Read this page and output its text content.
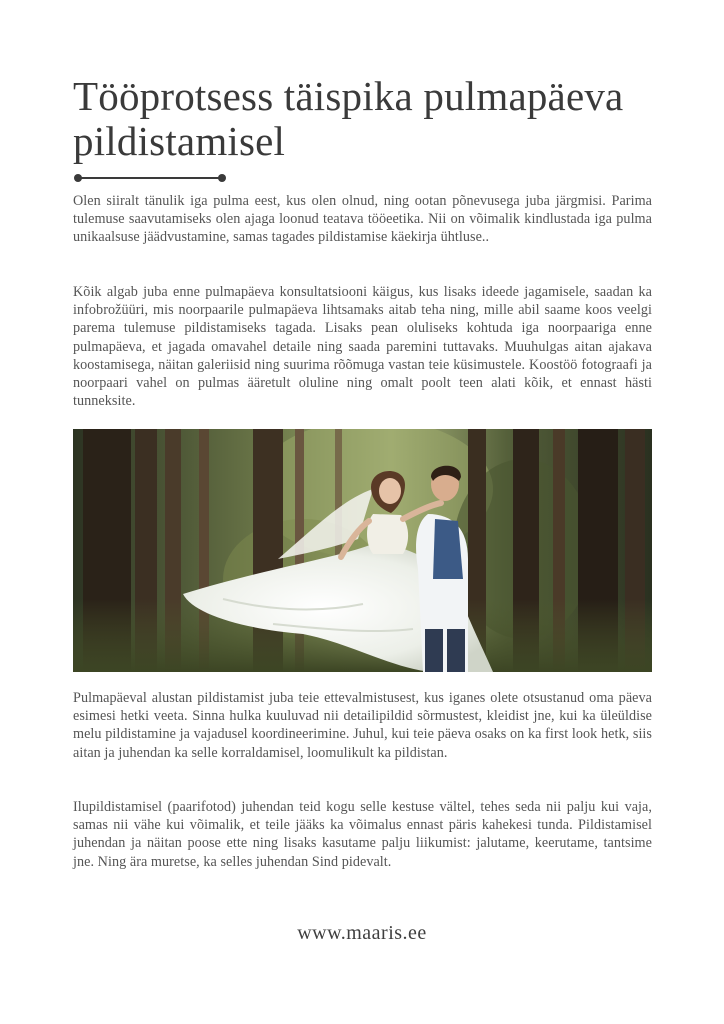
Tööprotsess täispika pulmapäeva pildistamisel

Olen siiralt tänulik iga pulma eest, kus olen olnud, ning ootan põnevusega juba järgmisi. Parima tulemuse saavutamiseks olen ajaga loonud teatava tööeetika. Nii on võimalik kindlustada iga pulma unikaalsuse jäädvustamine, samas tagades pildistamise käekirja ühtluse..

Kõik algab juba enne pulmapäeva konsultatsiooni käigus, kus lisaks ideede jagamisele, saadan ka infobrožüüri, mis noorpaarile pulmapäeva lihtsamaks aitab teha ning, mille abil saame koos veelgi parema tulemuse pildistamiseks tagada. Lisaks pean oluliseks kohtuda iga noorpaariga enne pulmapäeva, et jagada omavahel detaile ning saada paremini tuttavaks. Muuhulgas aitan ajakava koostamisega, näitan galeriisid ning suurima rõõmuga vastan teie küsimustele. Koostöö fotograafi ja noorpaari vahel on pulmas ääretult oluline ning omalt poolt teen alati kõik, et ennast hästi tunneksite.

Pulmapäeval alustan pildistamist juba teie ettevalmistusest, kus iganes olete otsustanud oma päeva esimesi hetki veeta. Sinna hulka kuuluvad nii detailipildid sõrmustest, kleidist jne, kui ka üleüldise melu pildistamine ja vajadusel koordineerimine. Juhul, kui teie päeva osaks on ka first look hetk, siis aitan ja juhendan ka selle korraldamisel, loomulikult ka pildistan.

Ilupildistamisel (paarifotod) juhendan teid kogu selle kestuse vältel, tehes seda nii palju kui vaja, samas nii vähe kui võimalik, et teile jääks ka võimalus ennast päris kahekesi tunda. Pildistamisel juhendan ja näitan poose ette ning lisaks kasutame palju liikumist: jalutame, keerutame, tantsime jne. Ning ära muretse, ka selles juhendan Sind pidevalt.

www.maaris.ee
